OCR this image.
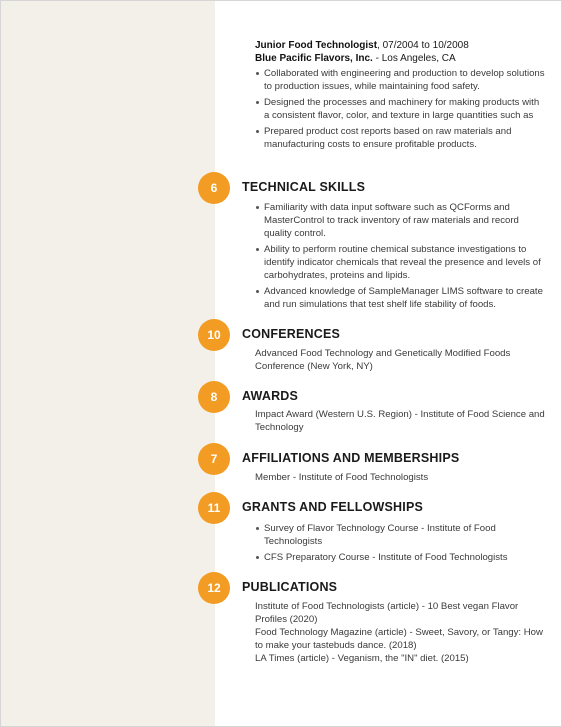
Junior Food Technologist, 07/2004 to 10/2008
Blue Pacific Flavors, Inc. - Los Angeles, CA
Collaborated with engineering and production to develop solutions to production issues, while maintaining food safety.
Designed the processes and machinery for making products with a consistent flavor, color, and texture in large quantities such as
Prepared product cost reports based on raw materials and manufacturing costs to ensure profitable products.
6	TECHNICAL SKILLS
Familiarity with data input software such as QCForms and MasterControl to track inventory of raw materials and record quality control.
Ability to perform routine chemical substance investigations to identify indicator chemicals that reveal the presence and levels of carbohydrates, proteins and lipids.
Advanced knowledge of SampleManager LIMS software to create and run simulations that test shelf life stability of foods.
10	CONFERENCES
Advanced Food Technology and Genetically Modified Foods Conference (New York, NY)
8	AWARDS
Impact Award (Western U.S. Region) - Institute of Food Science and Technology
7	AFFILIATIONS AND MEMBERSHIPS
Member - Institute of Food Technologists
11	GRANTS AND FELLOWSHIPS
Survey of Flavor Technology Course - Institute of Food Technologists
CFS Preparatory Course - Institute of Food Technologists
12	PUBLICATIONS
Institute of Food Technologists (article) - 10 Best vegan Flavor Profiles (2020)
Food Technology Magazine (article) - Sweet, Savory, or Tangy: How to make your tastebuds dance. (2018)
LA Times (article) - Veganism, the "IN" diet. (2015)
